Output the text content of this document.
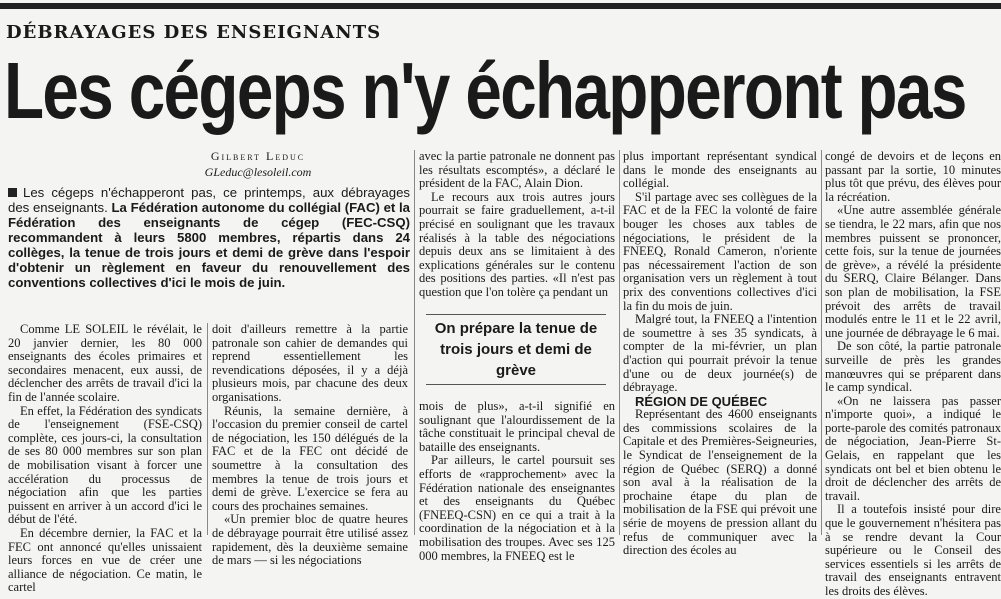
DÉBRAYAGES DES ENSEIGNANTS
Les cégeps n'y échapperont pas
Gilbert Leduc
GLeduc@lesoleil.com
Les cégeps n'échapperont pas, ce printemps, aux débrayages des enseignants. La Fédération autonome du collégial (FAC) et la Fédération des enseignants de cégep (FEC-CSQ) recommandent à leurs 5800 membres, répartis dans 24 collèges, la tenue de trois jours et demi de grève dans l'espoir d'obtenir un règlement en faveur du renouvellement des conventions collectives d'ici le mois de juin.

Comme LE SOLEIL le révélait, le 20 janvier dernier, les 80 000 enseignants des écoles primaires et secondaires menacent, eux aussi, de déclencher des arrêts de travail d'ici la fin de l'année scolaire.

En effet, la Fédération des syndicats de l'enseignement (FSE-CSQ) complète, ces jours-ci, la consultation de ses 80 000 membres sur son plan de mobilisation visant à forcer une accélération du processus de négociation afin que les parties puissent en arriver à un accord d'ici le début de l'été.

En décembre dernier, la FAC et la FEC ont annoncé qu'elles unissaient leurs forces en vue de créer une alliance de négociation. Ce matin, le cartel

doit d'ailleurs remettre à la partie patronale son cahier de demandes qui reprend essentiellement les revendications déposées, il y a déjà plusieurs mois, par chacune des deux organisations.

Réunis, la semaine dernière, à l'occasion du premier conseil de cartel de négociation, les 150 délégués de la FAC et de la FEC ont décidé de soumettre à la consultation des membres la tenue de trois jours et demi de grève. L'exercice se fera au cours des prochaines semaines.

«Un premier bloc de quatre heures de débrayage pourrait être utilisé assez rapidement, dès la deuxième semaine de mars — si les négociations

avec la partie patronale ne donnent pas les résultats escomptés», a déclaré le président de la FAC, Alain Dion.

Le recours aux trois autres jours pourrait se faire graduellement, a-t-il précisé en soulignant que les travaux réalisés à la table des négociations depuis deux ans se limitaient à des explications générales sur le contenu des positions des parties. «Il n'est pas question que l'on tolère ça pendant un

On prépare la tenue de trois jours et demi de grève

mois de plus», a-t-il signifié en soulignant que l'alourdissement de la tâche constituait le principal cheval de bataille des enseignants.

Par ailleurs, le cartel poursuit ses efforts de «rapprochement» avec la Fédération nationale des enseignantes et des enseignants du Québec (FNEEQ-CSN) en ce qui a trait à la coordination de la négociation et à la mobilisation des troupes. Avec ses 125 000 membres, la FNEEQ est le

plus important représentant syndical dans le monde des enseignants au collégial.

S'il partage avec ses collègues de la FAC et de la FEC la volonté de faire bouger les choses aux tables de négociations, le président de la FNEEQ, Ronald Cameron, n'oriente pas nécessairement l'action de son organisation vers un règlement à tout prix des conventions collectives d'ici la fin du mois de juin.

Malgré tout, la FNEEQ a l'intention de soumettre à ses 35 syndicats, à compter de la mi-février, un plan d'action qui pourrait prévoir la tenue d'une ou de deux journée(s) de débrayage.

RÉGION DE QUÉBEC

Représentant des 4600 enseignants des commissions scolaires de la Capitale et des Premières-Seigneuries, le Syndicat de l'enseignement de la région de Québec (SERQ) a donné son aval à la réalisation de la prochaine étape du plan de mobilisation de la FSE qui prévoit une série de moyens de pression allant du refus de communiquer avec la direction des écoles au

congé de devoirs et de leçons en passant par la sortie, 10 minutes plus tôt que prévu, des élèves pour la récréation.

«Une autre assemblée générale se tiendra, le 22 mars, afin que nos membres puissent se prononcer, cette fois, sur la tenue de journées de grève», a révélé la présidente du SERQ, Claire Bélanger. Dans son plan de mobilisation, la FSE prévoit des arrêts de travail modulés entre le 11 et le 22 avril, une journée de débrayage le 6 mai.

De son côté, la partie patronale surveille de près les grandes manœuvres qui se préparent dans le camp syndical.

«On ne laissera pas passer n'importe quoi», a indiqué le porte-parole des comités patronaux de négociation, Jean-Pierre St-Gelais, en rappelant que les syndicats ont bel et bien obtenu le droit de déclencher des arrêts de travail.

Il a toutefois insisté pour dire que le gouvernement n'hésitera pas à se rendre devant la Cour supérieure ou le Conseil des services essentiels si les arrêts de travail des enseignants entravent les droits des élèves.
